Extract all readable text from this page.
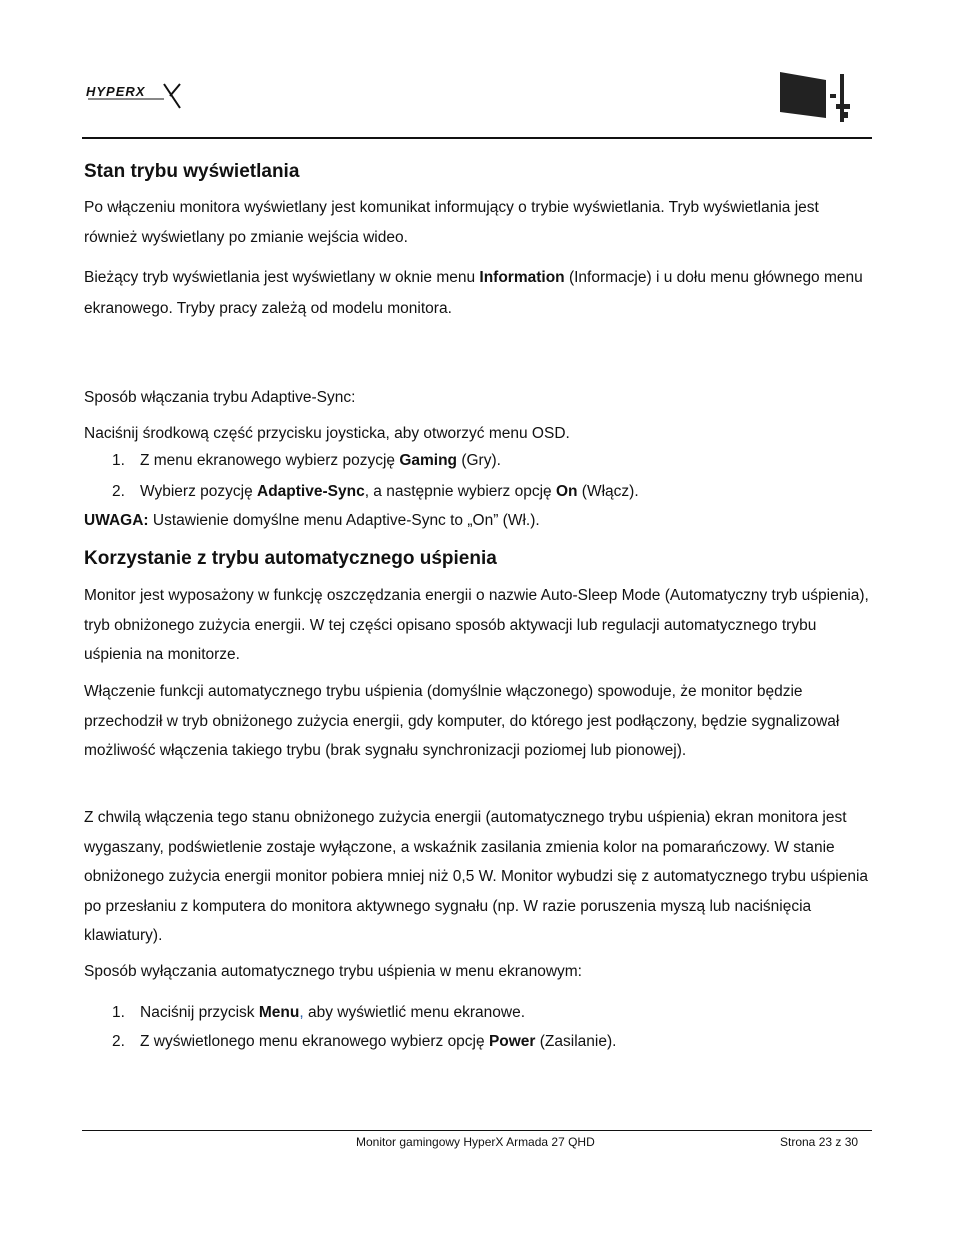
HYPERX
Stan trybu wyświetlania

Po włączeniu monitora wyświetlany jest komunikat informujący o trybie wyświetlania. Tryb wyświetlania jest również wyświetlany po zmianie wejścia wideo.

Bieżący tryb wyświetlania jest wyświetlany w oknie menu Information (Informacje) i u dołu menu głównego menu ekranowego. Tryby pracy zależą od modelu monitora.

Sposób włączania trybu Adaptive-Sync:

Naciśnij środkową część przycisku joysticka, aby otworzyć menu OSD.

1. Z menu ekranowego wybierz pozycję Gaming (Gry).
2. Wybierz pozycję Adaptive-Sync, a następnie wybierz opcję On (Włącz).

UWAGA: Ustawienie domyślne menu Adaptive-Sync to „On” (Wł.).

Korzystanie z trybu automatycznego uśpienia

Monitor jest wyposażony w funkcję oszczędzania energii o nazwie Auto-Sleep Mode (Automatyczny tryb uśpienia), tryb obniżonego zużycia energii. W tej części opisano sposób aktywacji lub regulacji automatycznego trybu uśpienia na monitorze.

Włączenie funkcji automatycznego trybu uśpienia (domyślnie włączonego) spowoduje, że monitor będzie przechodził w tryb obniżonego zużycia energii, gdy komputer, do którego jest podłączony, będzie sygnalizował możliwość włączenia takiego trybu (brak sygnału synchronizacji poziomej lub pionowej).

Z chwilą włączenia tego stanu obniżonego zużycia energii (automatycznego trybu uśpienia) ekran monitora jest wygaszany, podświetlenie zostaje wyłączone, a wskaźnik zasilania zmienia kolor na pomarańczowy. W stanie obniżonego zużycia energii monitor pobiera mniej niż 0,5 W. Monitor wybudzi się z automatycznego trybu uśpienia po przesłaniu z komputera do monitora aktywnego sygnału (np. W razie poruszenia myszą lub naciśnięcia klawiatury).

Sposób wyłączania automatycznego trybu uśpienia w menu ekranowym:

1. Naciśnij przycisk Menu, aby wyświetlić menu ekranowe.
2. Z wyświetlonego menu ekranowego wybierz opcję Power (Zasilanie).
Monitor gamingowy HyperX Armada 27 QHD	Strona 23 z 30
